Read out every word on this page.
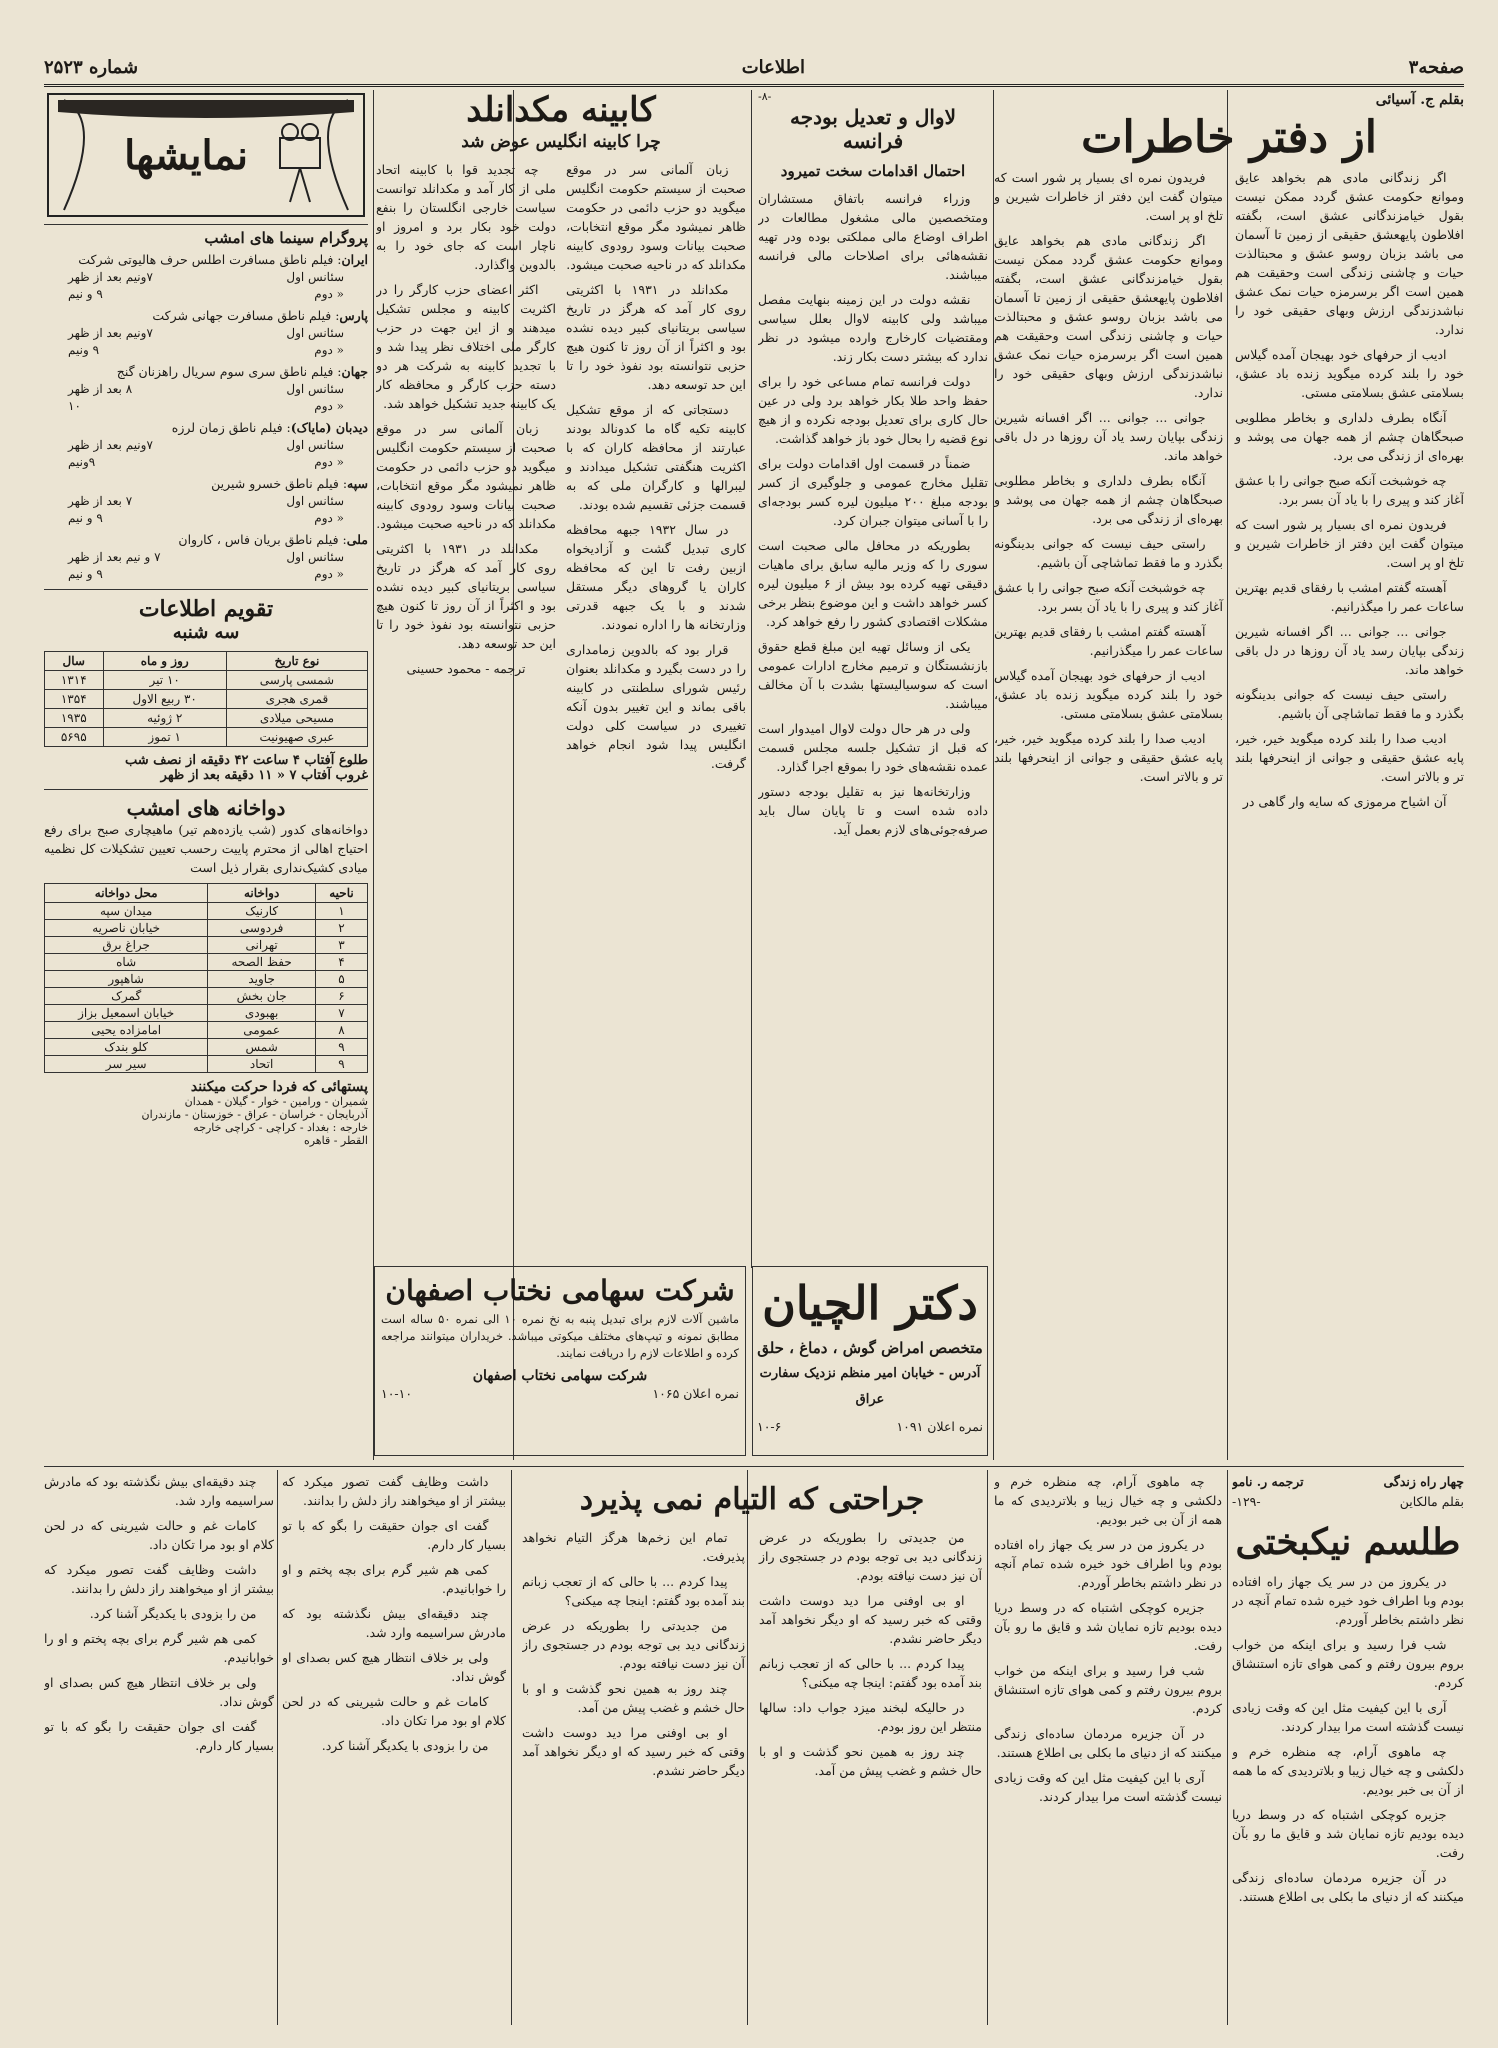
صفحه۳
اطلاعات
شماره ۲۵۲۳
بقلم ج. آسیائی
از دفتر خاطرات

اگر زندگانی مادی هم بخواهد عایق وموانع حکومت عشق گردد ممکن نیست بقول خیامزندگانی عشق است، بگفته افلاطون پایهعشق حقیقی از زمین تا آسمان می باشد بزبان روسو عشق و محبتالذت حیات و چاشنی زندگی است وحقیقت هم همین است اگر برسرمزه حیات نمک عشق نباشدزندگی ارزش وبهای حقیقی خود را ندارد.

ادیب از حرفهای خود بهیجان آمده گیلاس خود را بلند کرده میگوید زنده باد عشق، بسلامتی عشق بسلامتی مستی.

آنگاه بطرف دلداری و بخاطر مطلوبی صبحگاهان چشم از همه جهان می پوشد و بهره‌ای از زندگی می برد.

چه خوشبخت آنکه صبح جوانی را با عشق آغاز کند و پیری را با یاد آن بسر برد.

فریدون نمره ای بسیار پر شور است که میتوان گفت این دفتر از خاطرات شیرین و تلخ او پر است.

آهسته گفتم امشب با رفقای قدیم بهترین ساعات عمر را میگذرانیم.

جوانی ... جوانی ... اگر افسانه شیرین زندگی بپایان رسد یاد آن روزها در دل باقی خواهد ماند.

راستی حیف نیست که جوانی بدینگونه بگذرد و ما فقط تماشاچی آن باشیم.

ادیب صدا را بلند کرده میگوید خیر، خیر، پایه عشق حقیقی و جوانی از اینحرفها بلند تر و بالاتر است.

آن اشیاح مرموزی که سایه وار گاهی در

فریدون نمره ای بسیار پر شور است که میتوان گفت این دفتر از خاطرات شیرین و تلخ او پر است.

اگر زندگانی مادی هم بخواهد عایق وموانع حکومت عشق گردد ممکن نیست بقول خیامزندگانی عشق است، بگفته افلاطون پایهعشق حقیقی از زمین تا آسمان می باشد بزبان روسو عشق و محبتالذت حیات و چاشنی زندگی است وحقیقت هم همین است اگر برسرمزه حیات نمک عشق نباشدزندگی ارزش وبهای حقیقی خود را ندارد.

جوانی ... جوانی ... اگر افسانه شیرین زندگی بپایان رسد یاد آن روزها در دل باقی خواهد ماند.

آنگاه بطرف دلداری و بخاطر مطلوبی صبحگاهان چشم از همه جهان می پوشد و بهره‌ای از زندگی می برد.

راستی حیف نیست که جوانی بدینگونه بگذرد و ما فقط تماشاچی آن باشیم.

چه خوشبخت آنکه صبح جوانی را با عشق آغاز کند و پیری را با یاد آن بسر برد.

آهسته گفتم امشب با رفقای قدیم بهترین ساعات عمر را میگذرانیم.

ادیب از حرفهای خود بهیجان آمده گیلاس خود را بلند کرده میگوید زنده باد عشق، بسلامتی عشق بسلامتی مستی.

ادیب صدا را بلند کرده میگوید خیر، خیر، پایه عشق حقیقی و جوانی از اینحرفها بلند تر و بالاتر است.

-۸-
لاوال و تعدیل بودجه فرانسه
احتمال اقدامات سخت تمیرود

وزراء فرانسه باتفاق مستشاران ومتخصصین مالی مشغول مطالعات در اطراف اوضاع مالی مملکتی بوده ودر تهیه نقشه‌هائی برای اصلاحات مالی فرانسه میباشند.

نقشه دولت در این زمینه بنهایت مفصل میباشد ولی کابینه لاوال بعلل سیاسی ومقتضیات کارخارج وارده میشود در نظر ندارد که بیشتر دست بکار زند.

دولت فرانسه تمام مساعی خود را برای حفظ واحد طلا بکار خواهد برد ولی در عین حال کاری برای تعدیل بودجه نکرده و از هیچ نوع قضیه را بحال خود باز خواهد گذاشت.

ضمناً در قسمت اول اقدامات دولت برای تقلیل مخارج عمومی و جلوگیری از کسر بودجه مبلغ ۲۰۰ میلیون لیره کسر بودجه‌ای را با آسانی میتوان جبران کرد.

بطوریکه در محافل مالی صحبت است سوری را که وزیر مالیه سابق برای ماهیات دقیقی تهیه کرده بود بیش از ۶ میلیون لیره کسر خواهد داشت و این موضوع بنظر برخی مشکلات اقتصادی کشور را رفع خواهد کرد.

یکی از وسائل تهیه این مبلغ قطع حقوق بازنشستگان و ترمیم مخارج ادارات عمومی است که سوسیالیستها بشدت با آن مخالف میباشند.

ولی در هر حال دولت لاوال امیدوار است که قبل از تشکیل جلسه مجلس قسمت عمده نقشه‌های خود را بموقع اجرا گذارد.

وزارتخانه‌ها نیز به تقلیل بودجه دستور داده شده است و تا پایان سال باید صرفه‌جوئی‌های لازم بعمل آید.

کابینه مکدانلد
چرا کابینه انگلیس عوض شد

زبان آلمانی سر در موقع صحبت از سیستم حکومت انگلیس میگوید دو حزب دائمی در حکومت ظاهر نمیشود مگر موقع انتخابات، صحبت بیانات وسود رودوی کابینه مکدانلد که در ناحیه صحبت میشود.

مکدانلد در ۱۹۳۱ با اکثریتی روی کار آمد که هرگز در تاریخ سیاسی بریتانیای کبیر دیده نشده بود و اکثراً از آن روز تا کنون هیچ حزبی نتوانسته بود نفوذ خود را تا این حد توسعه دهد.

دستجاتی که از موقع تشکیل کابینه تکیه گاه ما کدونالد بودند عبارتند از محافظه کاران که با اکثریت هنگفتی تشکیل میدادند و لیبرالها و کارگران ملی که به قسمت جزئی تقسیم شده بودند.

در سال ۱۹۳۲ جبهه محافظه کاری تبدیل گشت و آزادیخواه ازبین رفت تا این که محافظه کاران یا گروهای دیگر مستقل شدند و با یک جبهه قدرتی وزارتخانه ها را اداره نمودند.

قرار بود که بالدوین زمامداری را در دست بگیرد و مکدانلد بعنوان رئیس شورای سلطنتی در کابینه باقی بماند و این تغییر بدون آنکه تغییری در سیاست کلی دولت انگلیس پیدا شود انجام خواهد گرفت.

چه تجدید قوا با کابینه اتحاد ملی از کار آمد و مکدانلد توانست سیاست خارجی انگلستان را بنفع دولت خود بکار برد و امروز او ناچار است که جای خود را به بالدوین واگذارد.

اکثر اعضای حزب کارگر را در اکثریت کابینه و مجلس تشکیل میدهند و از این جهت در حزب کارگر ملی اختلاف نظر پیدا شد و با تجدید کابینه به شرکت هر دو دسته حزب کارگر و محافظه کار یک کابینه جدید تشکیل خواهد شد.

زبان آلمانی سر در موقع صحبت از سیستم حکومت انگلیس میگوید دو حزب دائمی در حکومت ظاهر نمیشود مگر موقع انتخابات، صحبت بیانات وسود رودوی کابینه مکدانلد که در ناحیه صحبت میشود.

مکدانلد در ۱۹۳۱ با اکثریتی روی کار آمد که هرگز در تاریخ سیاسی بریتانیای کبیر دیده نشده بود و اکثراً از آن روز تا کنون هیچ حزبی نتوانسته بود نفوذ خود را تا این حد توسعه دهد.

ترجمه - محمود حسینی

نمایشها
پروگرام سینما های امشب
ایران: فیلم ناطق مسافرت اطلس حرف هالیوتی شرکت
سئانس اول
۷ونیم بعد از ظهر
« دوم
۹ و نیم
پارس: فیلم ناطق مسافرت جهانی شرکت
سئانس اول
۷ونیم بعد از ظهر
« دوم
۹ ونیم
جهان: فیلم ناطق سری سوم سریال راهزنان گنج
سئانس اول
۸ بعد از ظهر
« دوم
۱۰
دیدبان (مایاک): فیلم ناطق زمان لرزه
سئانس اول
۷ونیم بعد از ظهر
« دوم
۹ونیم
سپه: فیلم ناطق خسرو شیرین
سئانس اول
۷ بعد از ظهر
« دوم
۹ و نیم
ملی: فیلم ناطق بریان فاس ، کاروان
سئانس اول
۷ و نیم بعد از ظهر
« دوم
۹ و نیم
تقویم اطلاعات
سه شنبه
نوع تاریخ	روز و ماه	سال
شمسی پارسی	۱۰ تیر	۱۳۱۴
قمری هجری	۳۰ ربیع الاول	۱۳۵۴
مسیحی میلادی	۲ ژوئیه	۱۹۳۵
عبری صهیونیت	۱ تموز	۵۶۹۵
طلوع آفتاب ۴ ساعت ۴۲ دقیقه از نصف شب
غروب آفتاب ۷ « ۱۱ دقیقه بعد از ظهر
دواخانه های امشب

دواخانه‌های کدور (شب یازده‌هم تیر) ماهیچاری صبح برای رفع احتیاج اهالی از محترم پاییت رحسب تعیین تشکیلات کل نظمیه میادی کشیک‌نداری بقرار ذیل است

ناحیه	دواخانه	محل دواخانه
۱	کارنیک	میدان سپه
۲	فردوسی	خیابان ناصریه
۳	تهرانی	جراغ برق
۴	حفظ الصحه	شاه
۵	جاوید	شاهپور
۶	جان بخش	گمرک
۷	بهبودی	خیابان اسمعیل بزاز
۸	عمومی	امامزاده یحیی
۹	شمس	کلو بندک
۹	اتحاد	سیر سر
پستهائی که فردا حرکت میکنند
شمیران - ورامین - خوار - گیلان - همدان
آذربایجان - خراسان - عراق - خوزستان - مازندران
خارجه : بغداد - کراچی - کراچی خارجه
القطر - قاهره
دکتر الچیان
متخصص امراض گوش ، دماغ ، حلق
آدرس - خیابان امیر منظم نزدیک سفارت عراق
نمره اعلان ۱۰۹۱
۱۰-۶
شرکت سهامی نختاب اصفهان

ماشین آلات لازم برای تبدیل پنبه به نخ نمره ۱۰ الی نمره ۵۰ ساله است مطابق نمونه و تیپ‌های مختلف میکوتی میباشد. خریداران میتوانند مراجعه کرده و اطلاعات لازم را دریافت نمایند.

شرکت سهامی نختاب اصفهان
نمره اعلان ۱۰۶۵
۱۰-۱۰
چهار راه زندگی
ترجمه ر. نامو
بقلم مالکاین
-۱۲۹-
طلسم نیکبختی

در یکروز من در سر یک جهاز راه افتاده بودم وبا اطراف خود خیره شده تمام آنچه در نظر داشتم بخاطر آوردم.

شب فرا رسید و برای اینکه من خواب بروم بیرون رفتم و کمی هوای تازه استنشاق کردم.

آری با این کیفیت مثل این که وقت زیادی نیست گذشته است مرا بیدار کردند.

چه ماهوی آرام، چه منظره خرم و دلکشی و چه خیال زیبا و بلاتردیدی که ما همه از آن بی خبر بودیم.

جزیره کوچکی اشتباه که در وسط دریا دیده بودیم تازه نمایان شد و قایق ما رو بآن رفت.

در آن جزیره مردمان ساده‌ای زندگی میکنند که از دنیای ما بکلی بی اطلاع هستند.

چه ماهوی آرام، چه منظره خرم و دلکشی و چه خیال زیبا و بلاتردیدی که ما همه از آن بی خبر بودیم.

در یکروز من در سر یک جهاز راه افتاده بودم وبا اطراف خود خیره شده تمام آنچه در نظر داشتم بخاطر آوردم.

جزیره کوچکی اشتباه که در وسط دریا دیده بودیم تازه نمایان شد و قایق ما رو بآن رفت.

شب فرا رسید و برای اینکه من خواب بروم بیرون رفتم و کمی هوای تازه استنشاق کردم.

در آن جزیره مردمان ساده‌ای زندگی میکنند که از دنیای ما بکلی بی اطلاع هستند.

آری با این کیفیت مثل این که وقت زیادی نیست گذشته است مرا بیدار کردند.

جراحتی که التیام نمی پذیرد

من جدیدتی را بطوریکه در عرض زندگانی دید بی توجه بودم در جستجوی راز آن نیز دست نیافته بودم.

او بی اوفنی مرا دید دوست داشت وقتی که خبر رسید که او دیگر نخواهد آمد دیگر حاضر نشدم.

پیدا کردم ... با حالی که از تعجب زبانم بند آمده بود گفتم: اینجا چه میکنی؟

در حالیکه لبخند میزد جواب داد: سالها منتظر این روز بودم.

چند روز به همین نحو گذشت و او با حال خشم و غضب پیش من آمد.

تمام این زخم‌ها هرگز التیام نخواهد پذیرفت.

پیدا کردم ... با حالی که از تعجب زبانم بند آمده بود گفتم: اینجا چه میکنی؟

من جدیدتی را بطوریکه در عرض زندگانی دید بی توجه بودم در جستجوی راز آن نیز دست نیافته بودم.

چند روز به همین نحو گذشت و او با حال خشم و غضب پیش من آمد.

او بی اوفنی مرا دید دوست داشت وقتی که خبر رسید که او دیگر نخواهد آمد دیگر حاضر نشدم.

داشت وظایف گفت تصور میکرد که بیشتر از او میخواهند راز دلش را بدانند.

گفت ای جوان حقیقت را بگو که با تو بسیار کار دارم.

کمی هم شیر گرم برای بچه پختم و او را خوابانیدم.

چند دقیقه‌ای بیش نگذشته بود که مادرش سراسیمه وارد شد.

ولی بر خلاف انتظار هیچ کس بصدای او گوش نداد.

کامات غم و حالت شیرینی که در لحن کلام او بود مرا تکان داد.

من را بزودی با یکدیگر آشنا کرد.

چند دقیقه‌ای بیش نگذشته بود که مادرش سراسیمه وارد شد.

کامات غم و حالت شیرینی که در لحن کلام او بود مرا تکان داد.

داشت وظایف گفت تصور میکرد که بیشتر از او میخواهند راز دلش را بدانند.

من را بزودی با یکدیگر آشنا کرد.

کمی هم شیر گرم برای بچه پختم و او را خوابانیدم.

ولی بر خلاف انتظار هیچ کس بصدای او گوش نداد.

گفت ای جوان حقیقت را بگو که با تو بسیار کار دارم.
